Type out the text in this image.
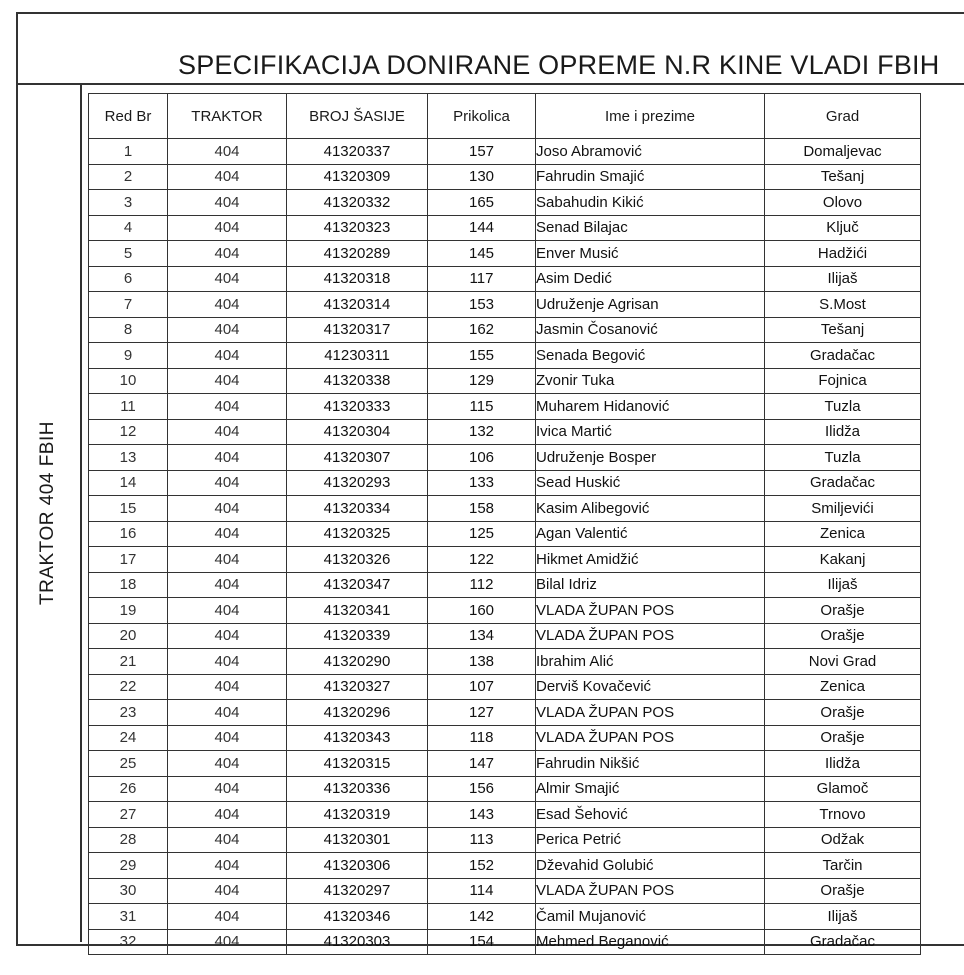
SPECIFIKACIJA DONIRANE OPREME N.R KINE VLADI FBIH
TRAKTOR 404 FBIH
Red Br	TRAKTOR	BROJ ŠASIJE	Prikolica	Ime i prezime	Grad
1	404	41320337	157	Joso Abramović	Domaljevac
2	404	41320309	130	Fahrudin Smajić	Tešanj
3	404	41320332	165	Sabahudin Kikić	Olovo
4	404	41320323	144	Senad Bilajac	Ključ
5	404	41320289	145	Enver Musić	Hadžići
6	404	41320318	117	Asim Dedić	Ilijaš
7	404	41320314	153	Udruženje Agrisan	S.Most
8	404	41320317	162	Jasmin Čosanović	Tešanj
9	404	41230311	155	Senada Begović	Gradačac
10	404	41320338	129	Zvonir Tuka	Fojnica
11	404	41320333	115	Muharem Hidanović	Tuzla
12	404	41320304	132	Ivica Martić	Ilidža
13	404	41320307	106	Udruženje Bosper	Tuzla
14	404	41320293	133	Sead Huskić	Gradačac
15	404	41320334	158	Kasim Alibegović	Smiljevići
16	404	41320325	125	Agan Valentić	Zenica
17	404	41320326	122	Hikmet Amidžić	Kakanj
18	404	41320347	112	Bilal Idriz	Ilijaš
19	404	41320341	160	VLADA ŽUPAN POS	Orašje
20	404	41320339	134	VLADA ŽUPAN POS	Orašje
21	404	41320290	138	Ibrahim Alić	Novi Grad
22	404	41320327	107	Derviš Kovačević	Zenica
23	404	41320296	127	VLADA ŽUPAN POS	Orašje
24	404	41320343	118	VLADA ŽUPAN POS	Orašje
25	404	41320315	147	Fahrudin Nikšić	Ilidža
26	404	41320336	156	Almir Smajić	Glamoč
27	404	41320319	143	Esad Šehović	Trnovo
28	404	41320301	113	Perica Petrić	Odžak
29	404	41320306	152	Dževahid Golubić	Tarčin
30	404	41320297	114	VLADA ŽUPAN POS	Orašje
31	404	41320346	142	Čamil Mujanović	Ilijaš
32	404	41320303	154	Mehmed Beganović	Gradačac
